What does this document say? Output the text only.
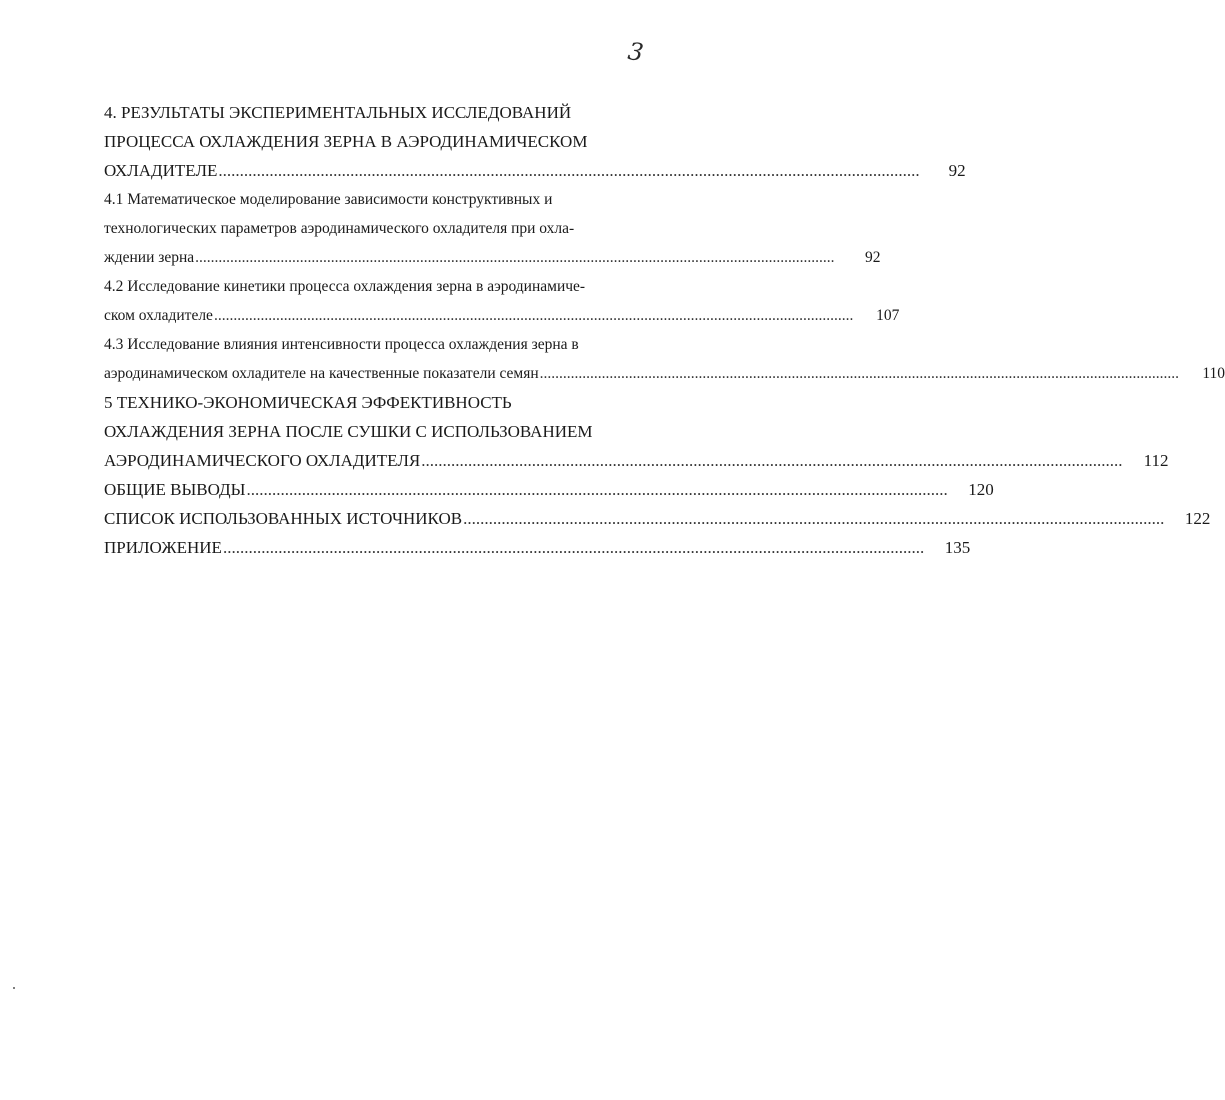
3
4. РЕЗУЛЬТАТЫ ЭКСПЕРИМЕНТАЛЬНЫХ ИССЛЕДОВАНИЙ
ПРОЦЕССА ОХЛАЖДЕНИЯ ЗЕРНА В АЭРОДИНАМИЧЕСКОМ
ОХЛАДИТЕЛЕ .....................................................................................................................................................................	92
4.1 Математическое моделирование зависимости конструктивных и
технологических параметров аэродинамического охладителя при охла-
ждении зерна .....................................................................................................................................................................	92
4.2 Исследование кинетики процесса охлаждения зерна в аэродинамиче-
ском охладителе .....................................................................................................................................................................	107
4.3 Исследование влияния интенсивности процесса охлаждения зерна в
аэродинамическом охладителе на качественные показатели семян .....................................................................................................................................................................	110
5 ТЕХНИКО-ЭКОНОМИЧЕСКАЯ ЭФФЕКТИВНОСТЬ
ОХЛАЖДЕНИЯ ЗЕРНА ПОСЛЕ СУШКИ С ИСПОЛЬЗОВАНИЕМ
АЭРОДИНАМИЧЕСКОГО ОХЛАДИТЕЛЯ .....................................................................................................................................................................	112
ОБЩИЕ ВЫВОДЫ .....................................................................................................................................................................	120
СПИСОК ИСПОЛЬЗОВАННЫХ ИСТОЧНИКОВ .....................................................................................................................................................................	122
ПРИЛОЖЕНИЕ .....................................................................................................................................................................	135
